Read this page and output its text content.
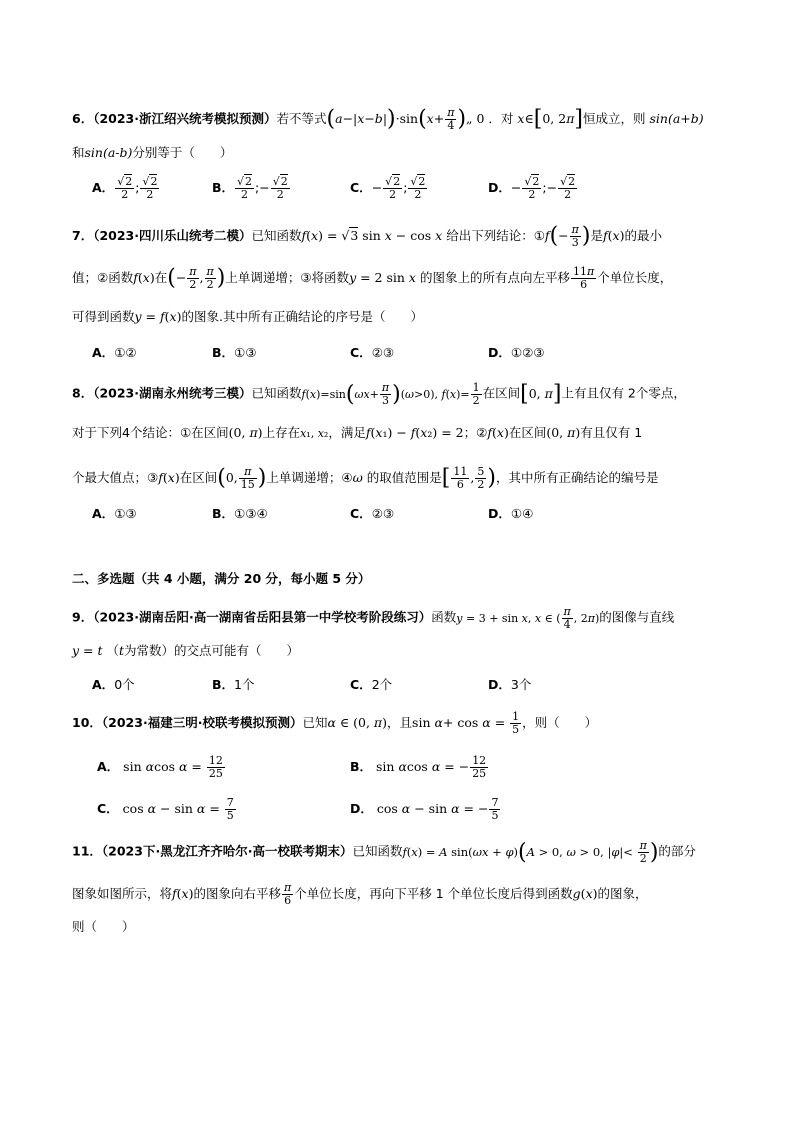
6．（2023·浙江绍兴统考模拟预测）若不等式$(a-|x-b|)\cdot\sin(x+ \frac{\pi}{4}$ )„ 0 ．对 x∈[0, 2π]恒成立，则 sin(a+b)
和sin(a-b)分别等于（　　）
A． $\frac{√2}{2}$ ; $\frac{√2}{2}$	B． $\frac{√2}{2}$ ;− $\frac{√2}{2}$	C．− $\frac{√2}{2}$ ; $\frac{√2}{2}$	D．− $\frac{√2}{2}$ ;− $\frac{√2}{2}$
7．（2023·四川乐山统考二模）已知函数f(x) = √3 sin x − cos x 给出下列结论：①f(− $\frac{\pi}{3}$ )是f(x)的最小
值；②函数f(x)在(− $\frac{\pi}{2}$ , $\frac{\pi}{2}$ )上单调递增；③将函数y = 2 sin x 的图象上的所有点向左平移 $\frac{11\pi}{6}$ 个单位长度，
可得到函数y = f(x)的图象.其中所有正确结论的序号是（　　）
A．①②	B．①③	C．②③	D．①②③
8．（2023·湖南永州统考三模）已知函数$f(x)=\sin(\omega x+ \frac{\pi}{3} )(\omega>0)$, $f(x)= \frac{1}{2}$ 在区间[0, π]上有且仅有 2个零点，
对于下列4个结论：①在区间(0, π)上存在x₁, x₂，满足f(x₁) − f(x₂) = 2；②f(x)在区间(0, π)有且仅有 1
个最大值点；③f(x)在区间(0, $\frac{\pi}{15}$ )上单调递增；④ω 的取值范围是[ $\frac{11}{6}$ , $\frac{5}{2}$ )，其中所有正确结论的编号是
A．①③	B．①③④	C．②③	D．①④
二、多选题（共 4 小题，满分 20 分，每小题 5 分）
9．（2023·湖南岳阳·高一湖南省岳阳县第一中学校考阶段练习）函数y = 3 + sin x, x ∈ ( $\frac{\pi}{4}$ , 2π)的图像与直线
y = t （t为常数）的交点可能有（　　）
A．0个	B．1个	C．2个	D．3个
10．（2023·福建三明·校联考模拟预测）已知α ∈ (0, π)，且$\sin \alpha+ \cos \alpha = \frac{1}{5}$ ，则（　　）
A． sin αcos $\alpha = \frac{12}{25}$	B． sin αcos α = − $\frac{12}{25}$
C． $\cos \alpha - \sin \alpha = \frac{7}{5}$	D． cos α − sin α = − $\frac{7}{5}$
11．（2023下·黑龙江齐齐哈尔·高一校联考期末）已知函数f(x) = A sin(ωx + φ)(A > 0, ω > 0, $|\varphi|< \frac{\pi}{2}$ )的部分
图象如图所示，将f(x)的图象向右平移 $\frac{\pi}{6}$ 个单位长度，再向下平移 1 个单位长度后得到函数g(x)的图象，
则（　　）
